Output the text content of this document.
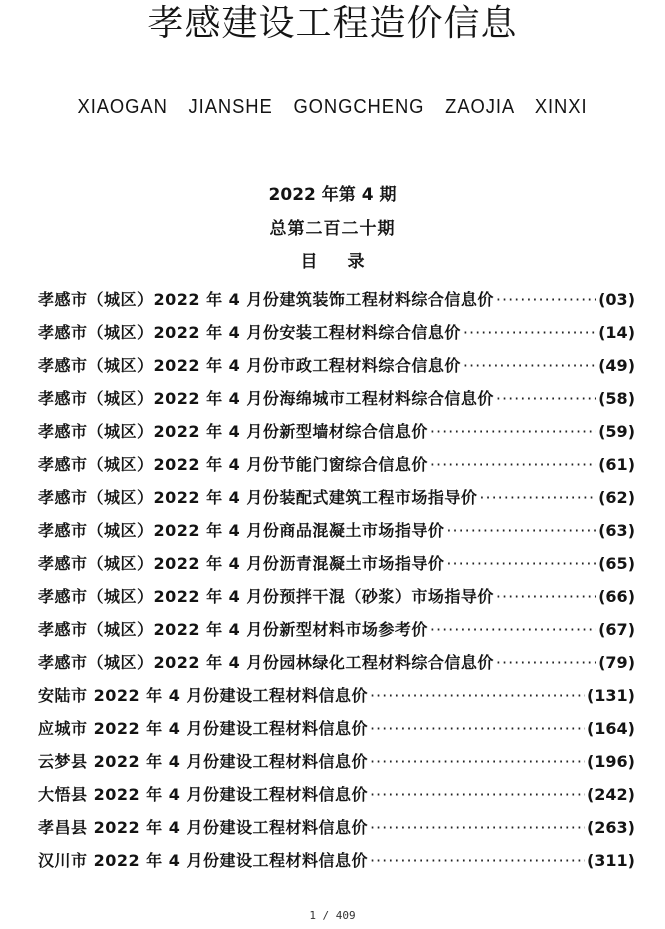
孝感建设工程造价信息
XIAOGAN JIANSHE GONGCHENG ZAOJIA XINXI
2022 年第 4 期
总第二百二十期
目 录
孝感市（城区）2022 年 4 月份建筑装饰工程材料综合信息价 ·····	(03)
孝感市（城区）2022 年 4 月份安装工程材料综合信息价 ·····	(14)
孝感市（城区）2022 年 4 月份市政工程材料综合信息价 ·····	(49)
孝感市（城区）2022 年 4 月份海绵城市工程材料综合信息价 ·····	(58)
孝感市（城区）2022 年 4 月份新型墙材综合信息价 ·····	(59)
孝感市（城区）2022 年 4 月份节能门窗综合信息价 ·····	(61)
孝感市（城区）2022 年 4 月份装配式建筑工程市场指导价 ·····	(62)
孝感市（城区）2022 年 4 月份商品混凝土市场指导价 ·····	(63)
孝感市（城区）2022 年 4 月份沥青混凝土市场指导价 ·····	(65)
孝感市（城区）2022 年 4 月份预拌干混（砂浆）市场指导价 ·····	(66)
孝感市（城区）2022 年 4 月份新型材料市场参考价 ·····	(67)
孝感市（城区）2022 年 4 月份园林绿化工程材料综合信息价 ·····	(79)
安陆市 2022 年 4 月份建设工程材料信息价 ·····	(131)
应城市 2022 年 4 月份建设工程材料信息价 ·····	(164)
云梦县 2022 年 4 月份建设工程材料信息价 ·····	(196)
大悟县 2022 年 4 月份建设工程材料信息价 ·····	(242)
孝昌县 2022 年 4 月份建设工程材料信息价 ·····	(263)
汉川市 2022 年 4 月份建设工程材料信息价 ·····	(311)
1 / 409
